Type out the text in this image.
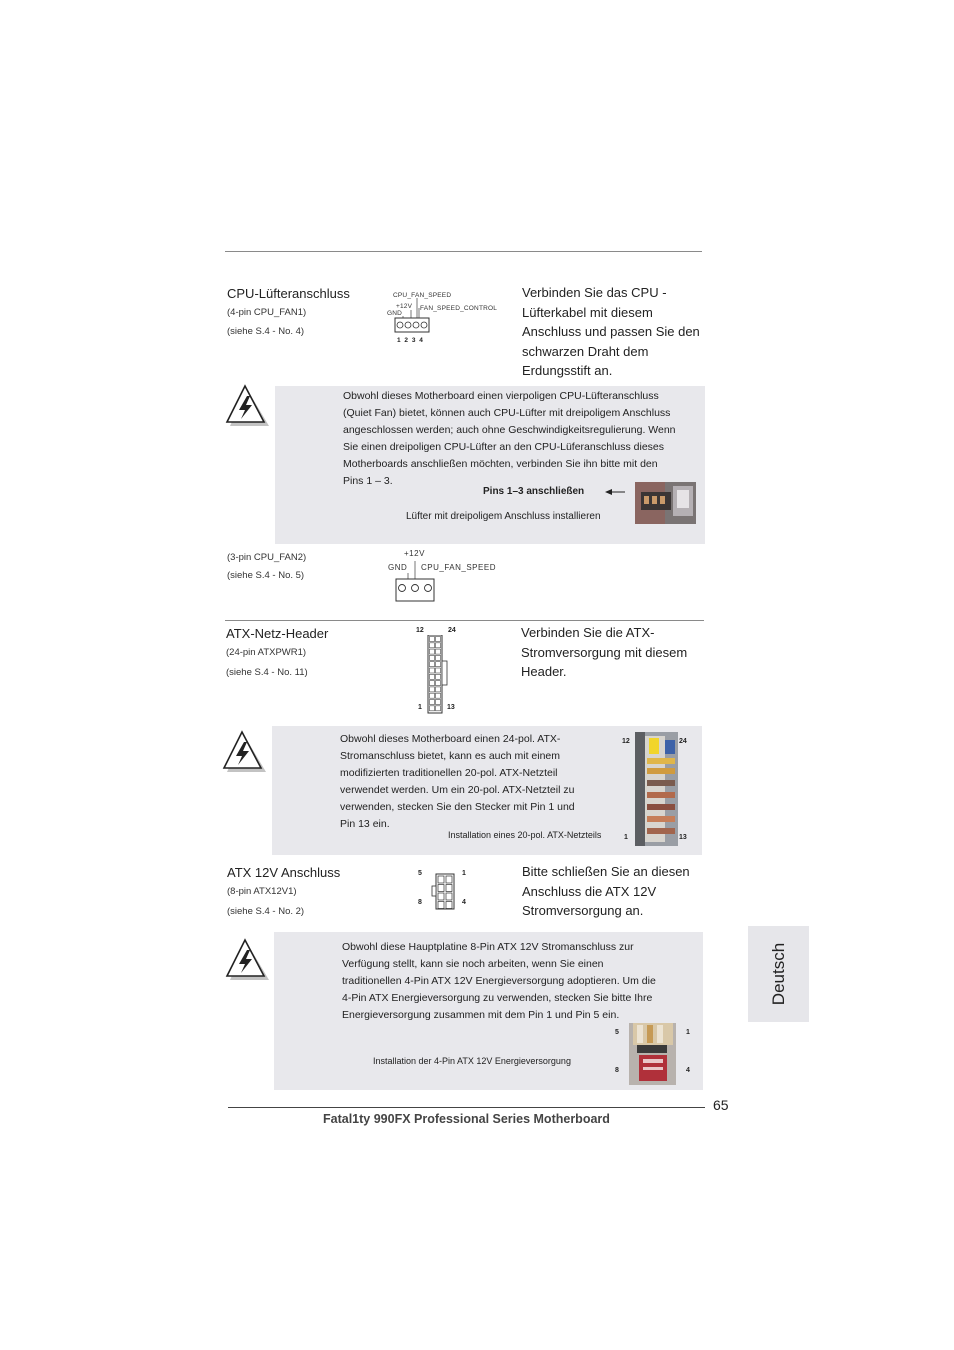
CPU-Lüfteranschluss
(4-pin CPU_FAN1)
(siehe S.4 - No. 4)
CPU_FAN_SPEED
+12V
GND
FAN_SPEED_CONTROL
1 2 3 4
Verbinden Sie das CPU -
Lüfterkabel mit diesem
Anschluss und passen Sie den
schwarzen Draht dem
Erdungsstift an.
Obwohl dieses Motherboard einen vierpoligen CPU-Lüfteranschluss
(Quiet Fan) bietet, können auch CPU-Lüfter mit dreipoligem Anschluss
angeschlossen werden; auch ohne Geschwindigkeitsregulierung. Wenn
Sie einen dreipoligen CPU-Lüfter an den CPU-Lüferanschluss dieses
Motherboards anschließen möchten, verbinden Sie ihn bitte mit den
Pins 1 – 3.
Pins 1–3 anschließen
Lüfter mit dreipoligem Anschluss installieren
(3-pin CPU_FAN2)
(siehe S.4 - No. 5)
+12V
GND CPU_FAN_SPEED
ATX-Netz-Header
(24-pin ATXPWR1)
(siehe S.4 - No. 11)
12	24
1	13
Verbinden Sie die ATX-
Stromversorgung mit diesem
Header.
Obwohl dieses Motherboard einen 24-pol. ATX-
Stromanschluss bietet, kann es auch mit einem
modifizierten traditionellen 20-pol. ATX-Netzteil
verwendet werden. Um ein 20-pol. ATX-Netzteil zu
verwenden, stecken Sie den Stecker mit Pin 1 und
Pin 13 ein.
Installation eines 20-pol. ATX-Netzteils
12	24
1	13
ATX 12V Anschluss
(8-pin ATX12V1)
(siehe S.4 - No. 2)
5	1
8	4
Bitte schließen Sie an diesen
Anschluss die ATX 12V
Stromversorgung an.
Obwohl diese Hauptplatine 8-Pin ATX 12V Stromanschluss zur
Verfügung stellt, kann sie noch arbeiten, wenn Sie einen
traditionellen 4-Pin ATX 12V Energieversorgung adoptieren. Um die
4-Pin ATX Energieversorgung zu verwenden, stecken Sie bitte Ihre
Energieversorgung zusammen mit dem Pin 1 und Pin 5 ein.
Installation der 4-Pin ATX 12V Energieversorgung
5	1
8	4
65
Fatal1ty 990FX Professional Series Motherboard
Deutsch
